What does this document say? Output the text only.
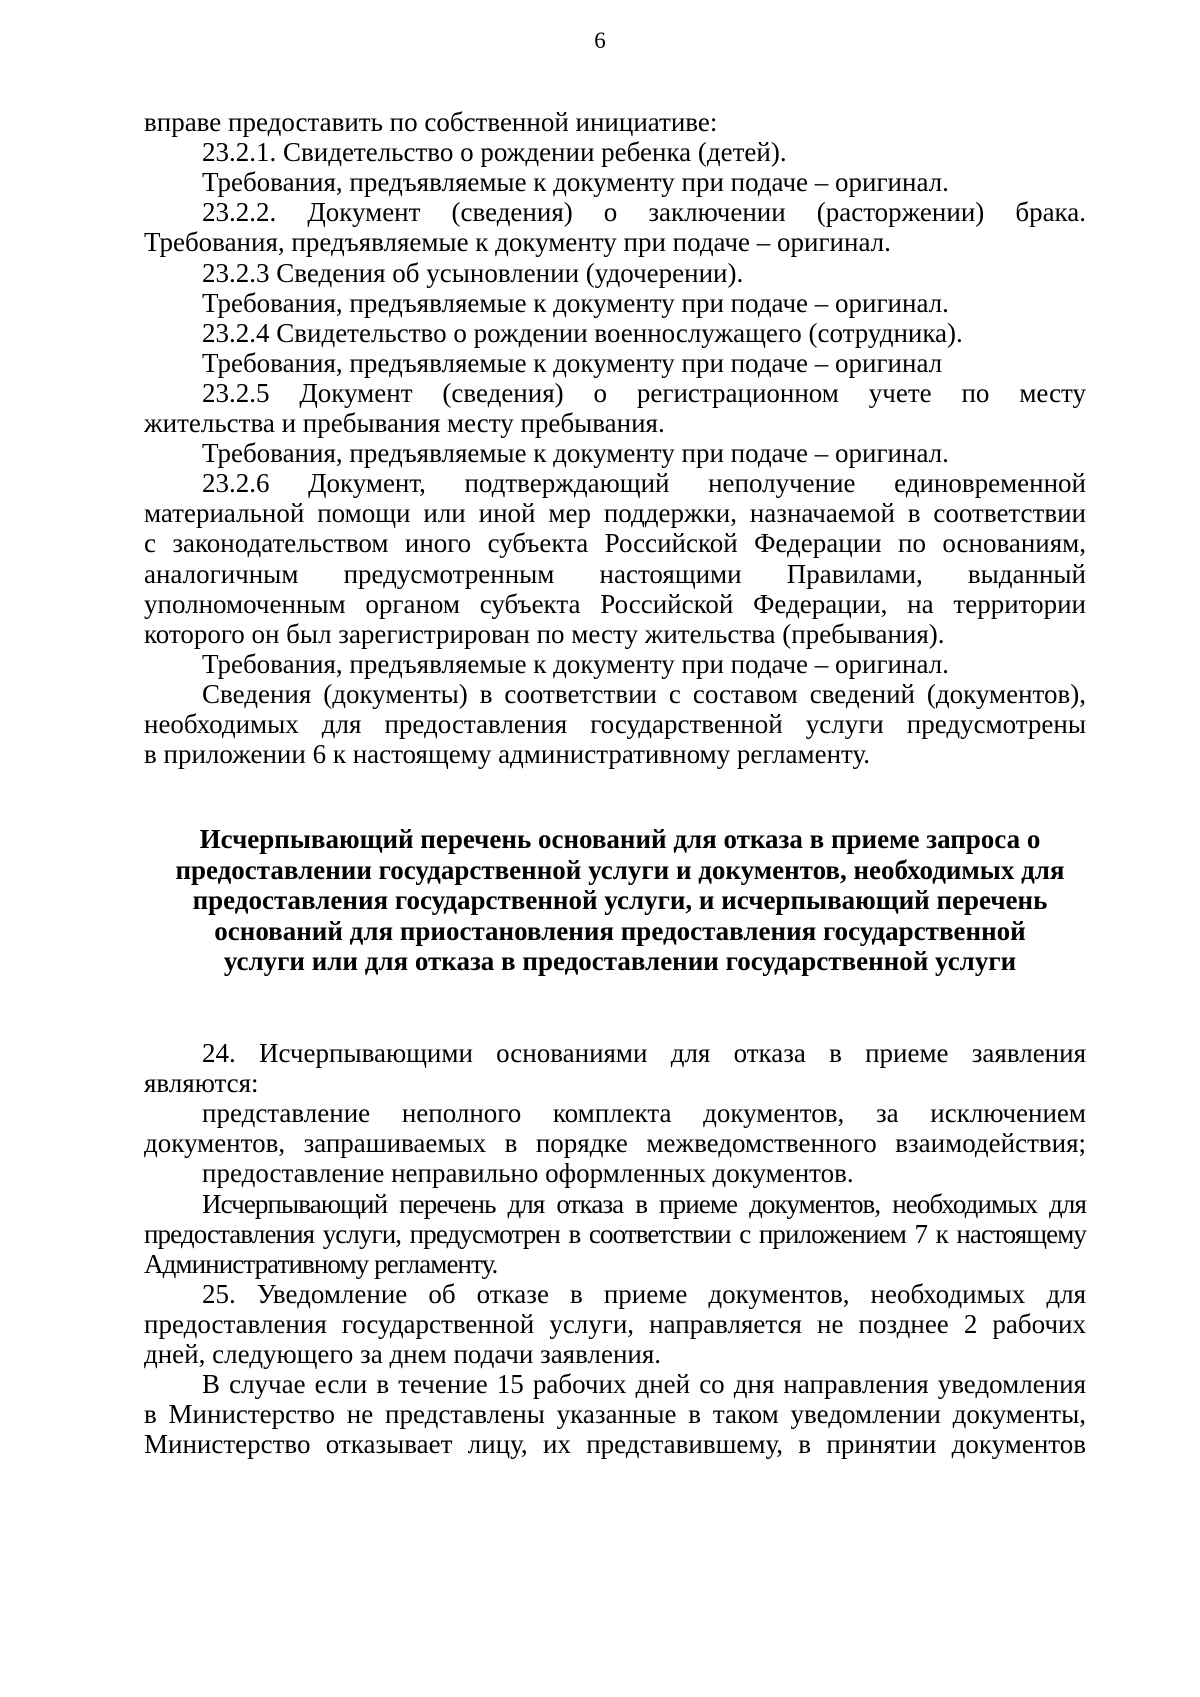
6
вправе предоставить по собственной инициативе:
23.2.1. Свидетельство о рождении ребенка (детей).
Требования, предъявляемые к документу при подаче – оригинал.
23.2.2. Документ (сведения) о заключении (расторжении) брака.
Требования, предъявляемые к документу при подаче – оригинал.
23.2.3 Сведения об усыновлении (удочерении).
Требования, предъявляемые к документу при подаче – оригинал.
23.2.4 Свидетельство о рождении военнослужащего (сотрудника).
Требования, предъявляемые к документу при подаче – оригинал
23.2.5 Документ (сведения) о регистрационном учете по месту
жительства и пребывания месту пребывания.
Требования, предъявляемые к документу при подаче – оригинал.
23.2.6 Документ, подтверждающий неполучение единовременной
материальной помощи или иной мер поддержки, назначаемой в соответствии
с законодательством иного субъекта Российской Федерации по основаниям,
аналогичным предусмотренным настоящими Правилами, выданный
уполномоченным органом субъекта Российской Федерации, на территории
которого он был зарегистрирован по месту жительства (пребывания).
Требования, предъявляемые к документу при подаче – оригинал.
Сведения (документы) в соответствии с составом сведений (документов),
необходимых для предоставления государственной услуги предусмотрены
в приложении 6 к настоящему административному регламенту.
Исчерпывающий перечень оснований для отказа в приеме запроса о
предоставлении государственной услуги и документов, необходимых для
предоставления государственной услуги, и исчерпывающий перечень
оснований для приостановления предоставления государственной
услуги или для отказа в предоставлении государственной услуги
24. Исчерпывающими основаниями для отказа в приеме заявления
являются:
представление неполного комплекта документов, за исключением
документов, запрашиваемых в порядке межведомственного взаимодействия;
предоставление неправильно оформленных документов.
Исчерпывающий перечень для отказа в приеме документов, необходимых для
предоставления услуги, предусмотрен в соответствии с приложением 7 к настоящему
Административному регламенту.
25. Уведомление об отказе в приеме документов, необходимых для
предоставления государственной услуги, направляется не позднее 2 рабочих
дней, следующего за днем подачи заявления.
В случае если в течение 15 рабочих дней со дня направления уведомления
в Министерство не представлены указанные в таком уведомлении документы,
Министерство отказывает лицу, их представившему, в принятии документов
